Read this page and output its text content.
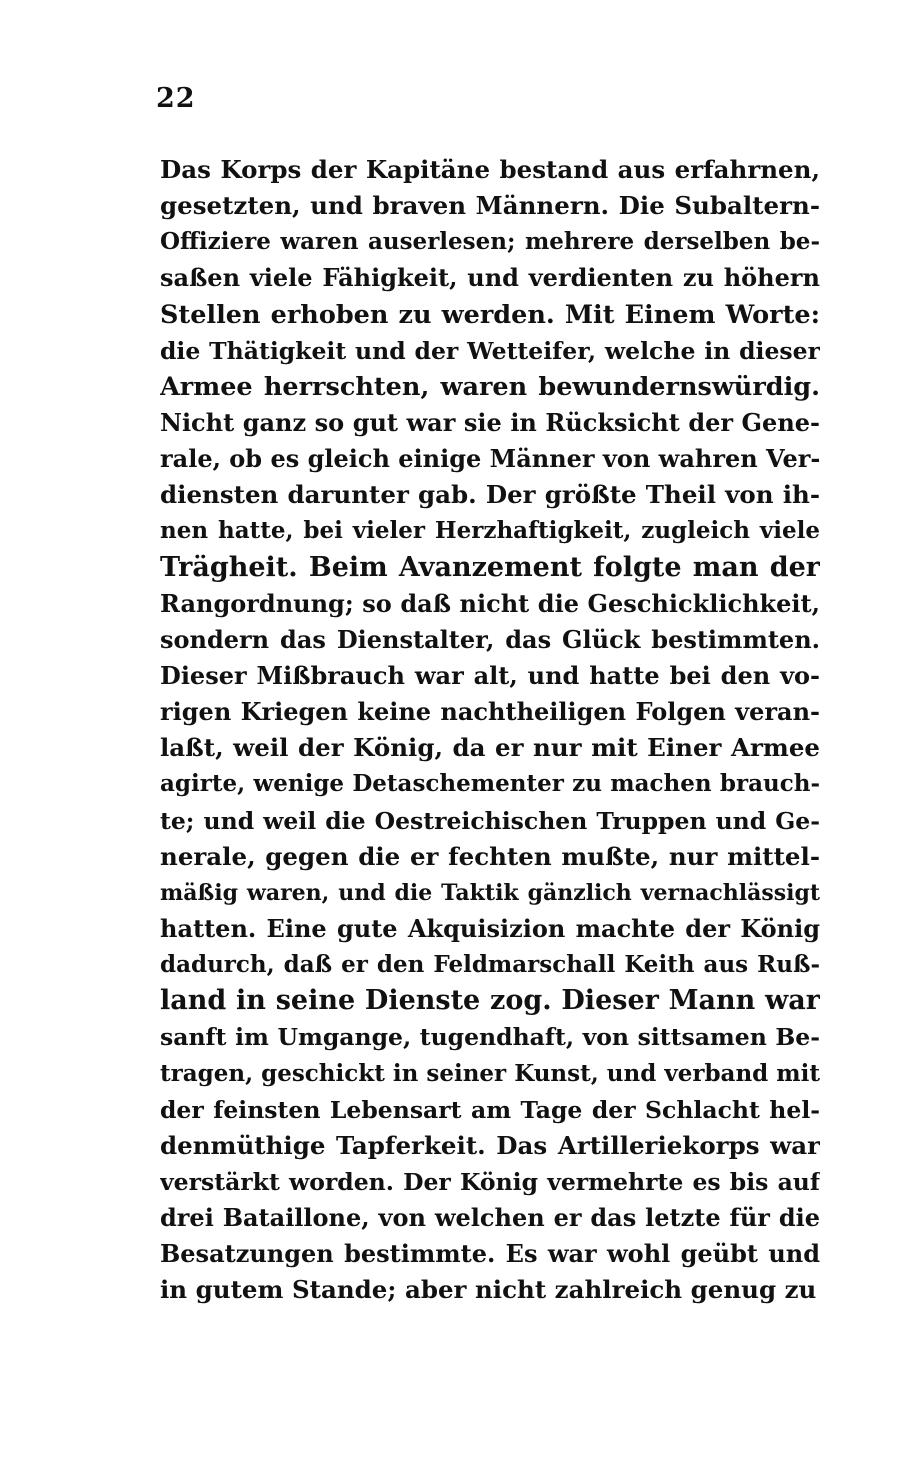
22
Das Korps der Kapitäne bestand aus erfahrnen,
gesetzten, und braven Männern. Die Subaltern-
Offiziere waren auserlesen; mehrere derselben be-
saßen viele Fähigkeit, und verdienten zu höhern
Stellen erhoben zu werden. Mit Einem Worte:
die Thätigkeit und der Wetteifer, welche in dieser
Armee herrschten, waren bewundernswürdig.
Nicht ganz so gut war sie in Rücksicht der Gene-
rale, ob es gleich einige Männer von wahren Ver-
diensten darunter gab. Der größte Theil von ih-
nen hatte, bei vieler Herzhaftigkeit, zugleich viele
Trägheit. Beim Avanzement folgte man der
Rangordnung; so daß nicht die Geschicklichkeit,
sondern das Dienstalter, das Glück bestimmten.
Dieser Mißbrauch war alt, und hatte bei den vo-
rigen Kriegen keine nachtheiligen Folgen veran-
laßt, weil der König, da er nur mit Einer Armee
agirte, wenige Detaschementer zu machen brauch-
te; und weil die Oestreichischen Truppen und Ge-
nerale, gegen die er fechten mußte, nur mittel-
mäßig waren, und die Taktik gänzlich vernachlässigt
hatten. Eine gute Akquisizion machte der König
dadurch, daß er den Feldmarschall Keith aus Ruß-
land in seine Dienste zog. Dieser Mann war
sanft im Umgange, tugendhaft, von sittsamen Be-
tragen, geschickt in seiner Kunst, und verband mit
der feinsten Lebensart am Tage der Schlacht hel-
denmüthige Tapferkeit. Das Artilleriekorps war
verstärkt worden. Der König vermehrte es bis auf
drei Bataillone, von welchen er das letzte für die
Besatzungen bestimmte. Es war wohl geübt und
in gutem Stande; aber nicht zahlreich genug zu
